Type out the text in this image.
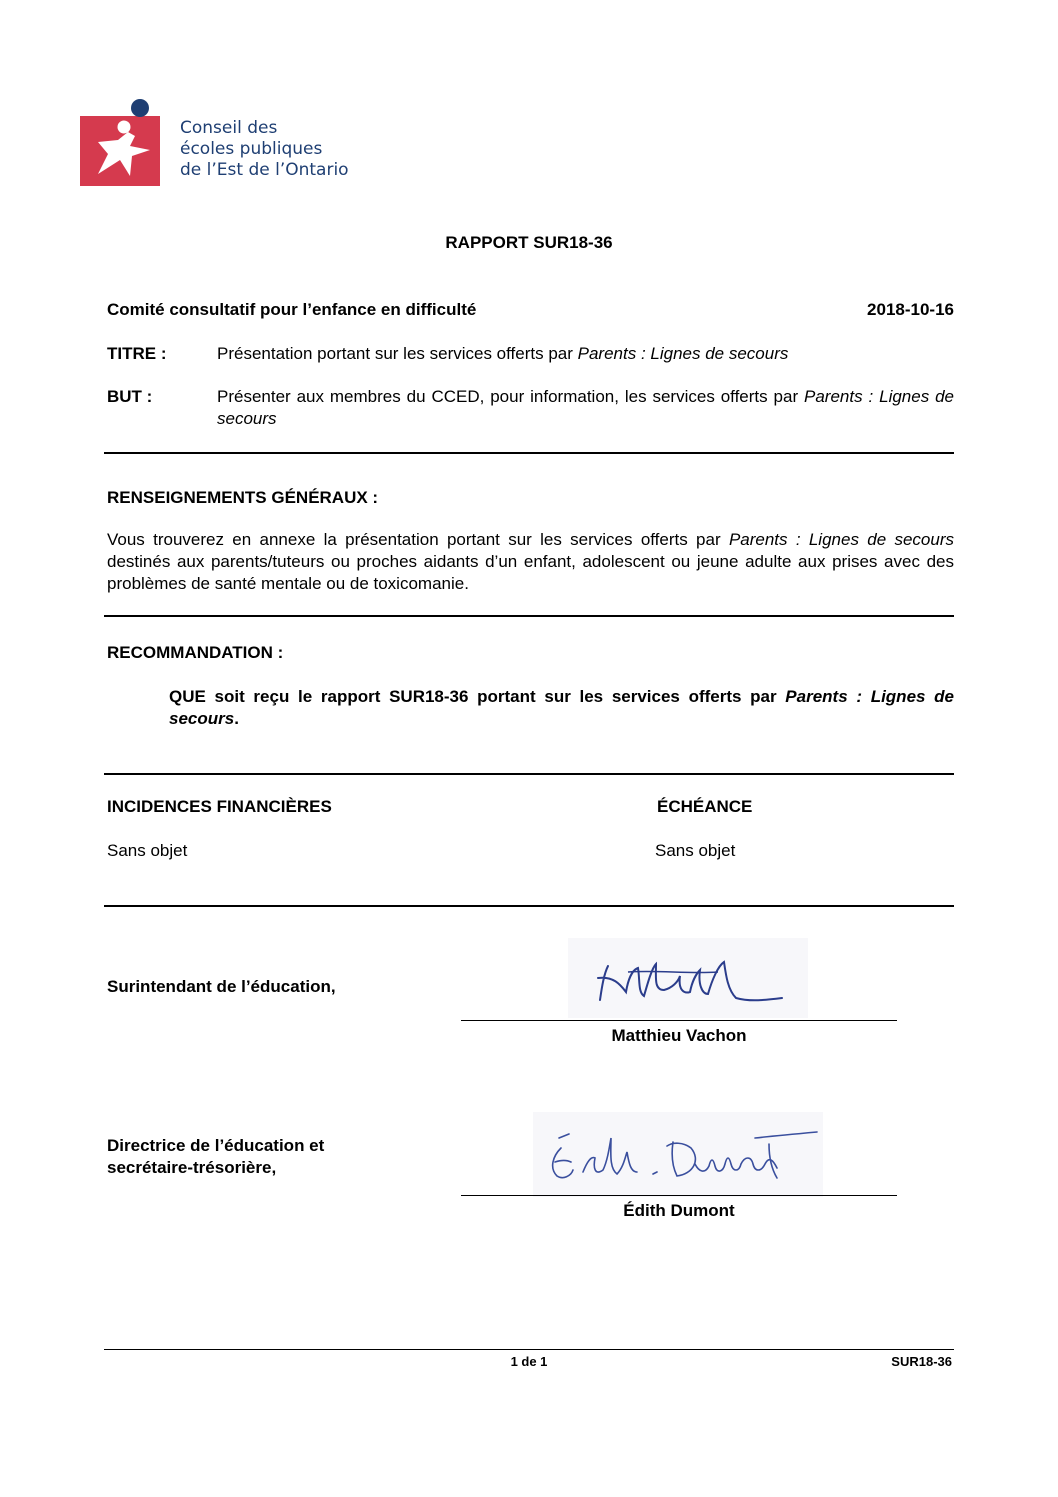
Conseil des
écoles publiques
de l’Est de l’Ontario
RAPPORT SUR18-36
Comité consultatif pour l’enfance en difficulté	2018-10-16
TITRE :	Présentation portant sur les services offerts par Parents : Lignes de secours
BUT :	Présenter aux membres du CCED, pour information, les services offerts par Parents : Lignes de secours
RENSEIGNEMENTS GÉNÉRAUX :
Vous trouverez en annexe la présentation portant sur les services offerts par Parents : Lignes de secours destinés aux parents/tuteurs ou proches aidants d’un enfant, adolescent ou jeune adulte aux prises avec des problèmes de santé mentale ou de toxicomanie.
RECOMMANDATION :
QUE soit reçu le rapport SUR18-36 portant sur les services offerts par Parents : Lignes de secours.
INCIDENCES FINANCIÈRES
Sans objet
ÉCHÉANCE
Sans objet
Surintendant de l’éducation,
Matthieu Vachon
Directrice de l’éducation et
secrétaire-trésorière,
Édith Dumont
1 de 1	SUR18-36
